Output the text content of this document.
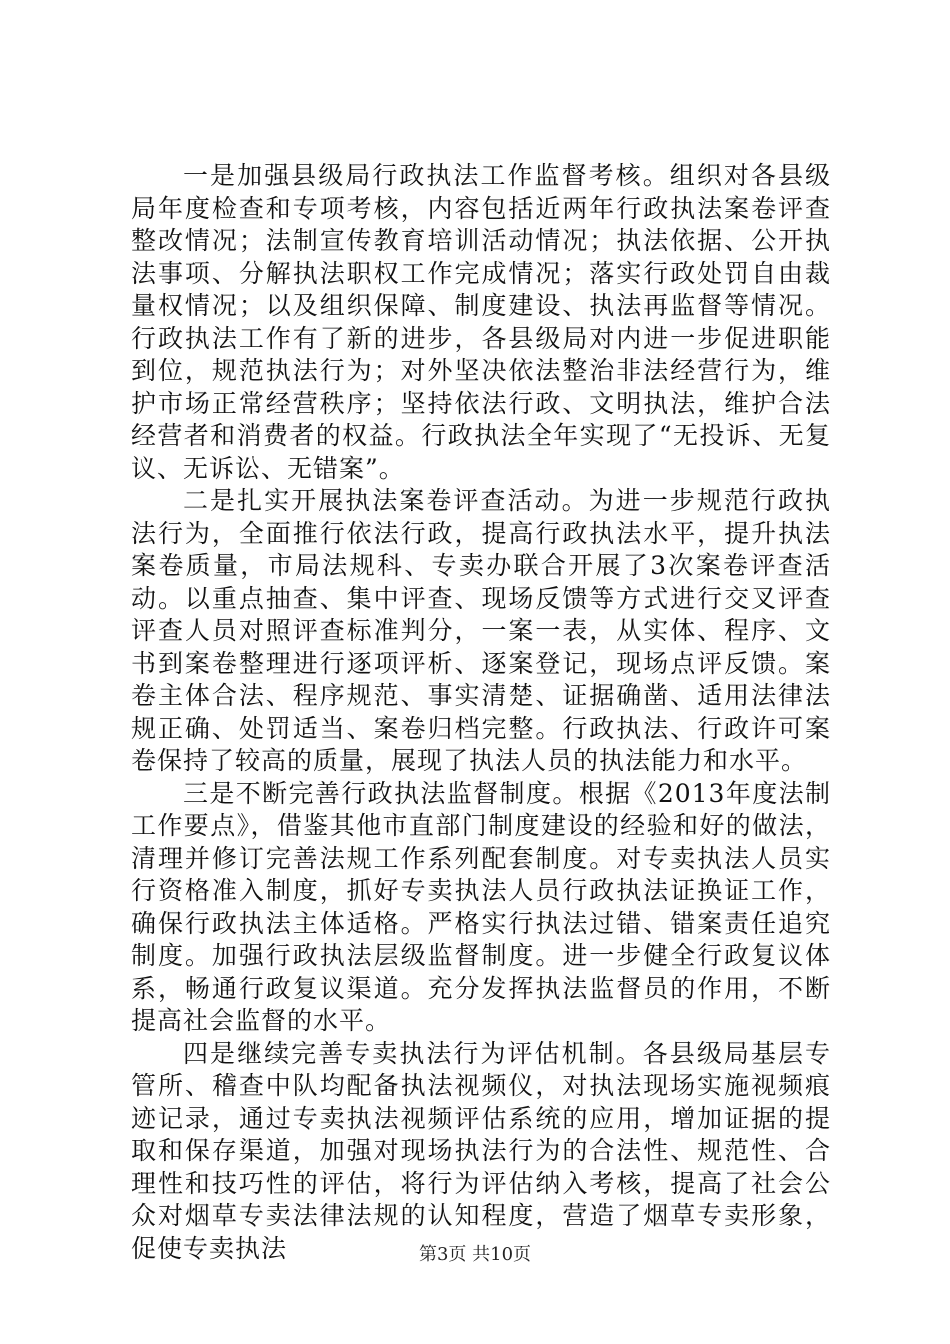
一是加强县级局行政执法工作监督考核。组织对各县级局年度检查和专项考核，内容包括近两年行政执法案卷评查整改情况；法制宣传教育培训活动情况；执法依据、公开执法事项、分解执法职权工作完成情况；落实行政处罚自由裁量权情况；以及组织保障、制度建设、执法再监督等情况。行政执法工作有了新的进步，各县级局对内进一步促进职能到位，规范执法行为；对外坚决依法整治非法经营行为，维护市场正常经营秩序；坚持依法行政、文明执法，维护合法经营者和消费者的权益。行政执法全年实现了“无投诉、无复议、无诉讼、无错案”。

二是扎实开展执法案卷评查活动。为进一步规范行政执法行为，全面推行依法行政，提高行政执法水平，提升执法案卷质量，市局法规科、专卖办联合开展了3次案卷评查活动。以重点抽查、集中评查、现场反馈等方式进行交叉评查评查人员对照评查标准判分，一案一表，从实体、程序、文书到案卷整理进行逐项评析、逐案登记，现场点评反馈。案卷主体合法、程序规范、事实清楚、证据确凿、适用法律法规正确、处罚适当、案卷归档完整。行政执法、行政许可案卷保持了较高的质量，展现了执法人员的执法能力和水平。

三是不断完善行政执法监督制度。根据《2013年度法制工作要点》，借鉴其他市直部门制度建设的经验和好的做法，清理并修订完善法规工作系列配套制度。对专卖执法人员实行资格准入制度，抓好专卖执法人员行政执法证换证工作，确保行政执法主体适格。严格实行执法过错、错案责任追究制度。加强行政执法层级监督制度。进一步健全行政复议体系，畅通行政复议渠道。充分发挥执法监督员的作用，不断提高社会监督的水平。

四是继续完善专卖执法行为评估机制。各县级局基层专管所、稽查中队均配备执法视频仪，对执法现场实施视频痕迹记录，通过专卖执法视频评估系统的应用，增加证据的提取和保存渠道，加强对现场执法行为的合法性、规范性、合理性和技巧性的评估，将行为评估纳入考核，提高了社会公众对烟草专卖法律法规的认知程度，营造了烟草专卖形象，促使专卖执法	第3页 共10页
